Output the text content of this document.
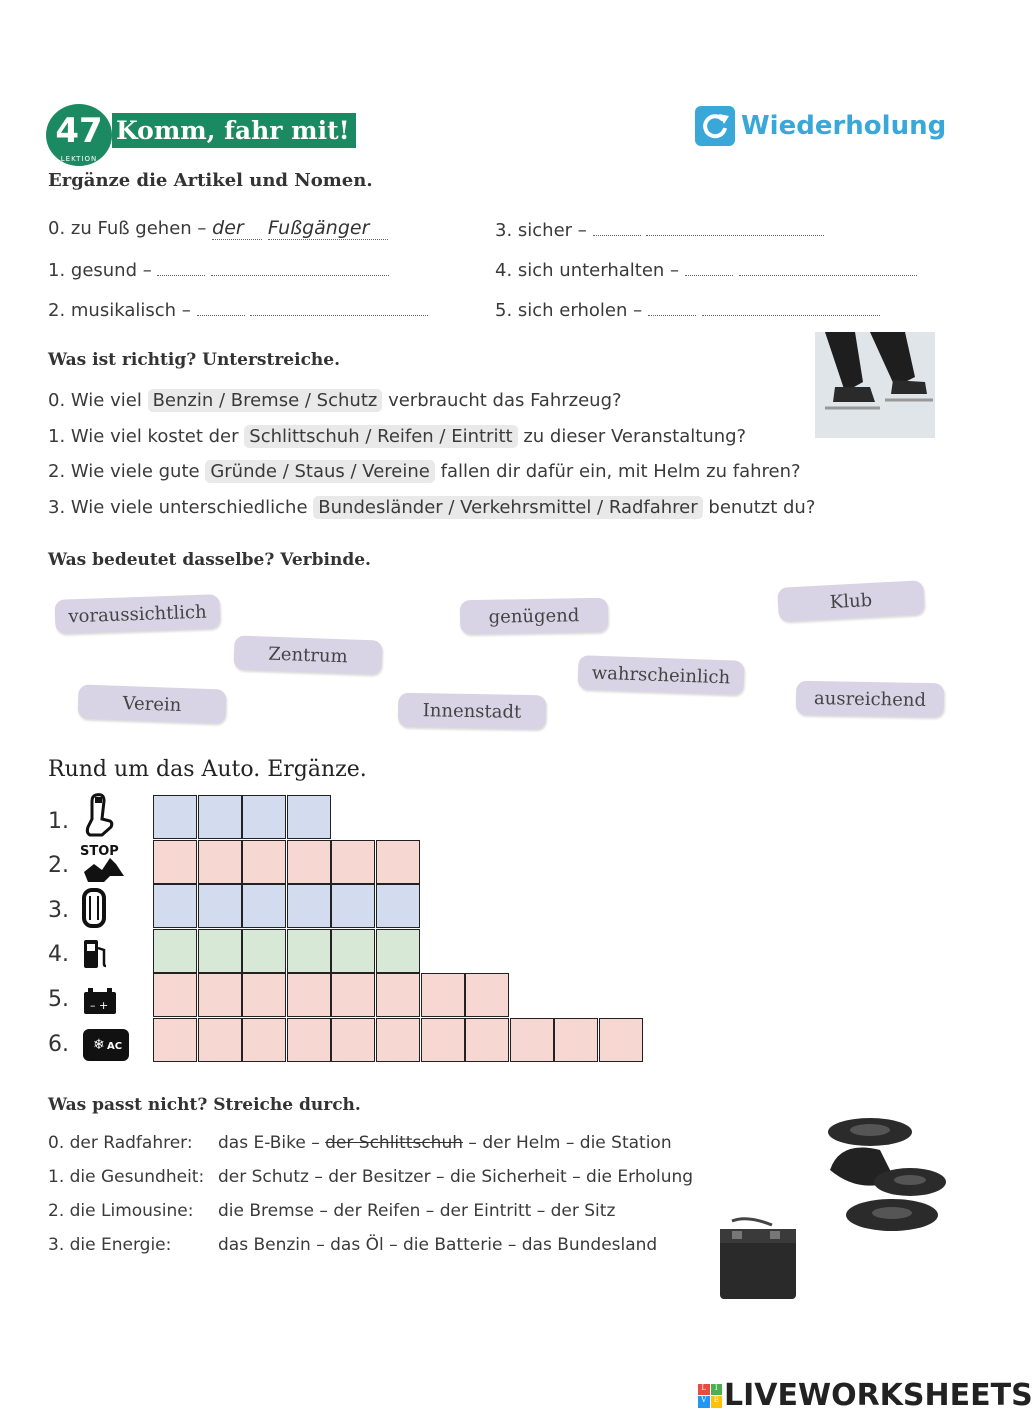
47
LEKTION
Komm, fahr mit!	Wiederholung
Ergänze die Artikel und Nomen.
0. zu Fuß gehen – der Fußgänger
1. gesund –
2. musikalisch –
3. sicher –
4. sich unterhalten –
5. sich erholen –
Was ist richtig? Unterstreiche.
0. Wie viel Benzin / Bremse / Schutz verbraucht das Fahrzeug?
1. Wie viel kostet der Schlittschuh / Reifen / Eintritt zu dieser Veranstaltung?
2. Wie viele gute Gründe / Staus / Vereine fallen dir dafür ein, mit Helm zu fahren?
3. Wie viele unterschiedliche Bundesländer / Verkehrsmittel / Radfahrer benutzt du?
Was bedeutet dasselbe? Verbinde.
voraussichtlich	genügend
Klub
Zentrum
wahrscheinlich
Verein	Innenstadt
ausreichend
Rund um das Auto. Ergänze.
1.
2.
3.
4.
5.
6.
STOP
– +
❄ AC
Was passt nicht? Streiche durch.
0. der Radfahrer: das E-Bike – der Schlittschuh – der Helm – die Station
1. die Gesundheit: der Schutz – der Besitzer – die Sicherheit – die Erholung
2. die Limousine: die Bremse – der Reifen – der Eintritt – der Sitz
3. die Energie:	das Benzin – das Öl – die Batterie – das Bundesland
L	I
V	E LIVEWORKSHEETS
